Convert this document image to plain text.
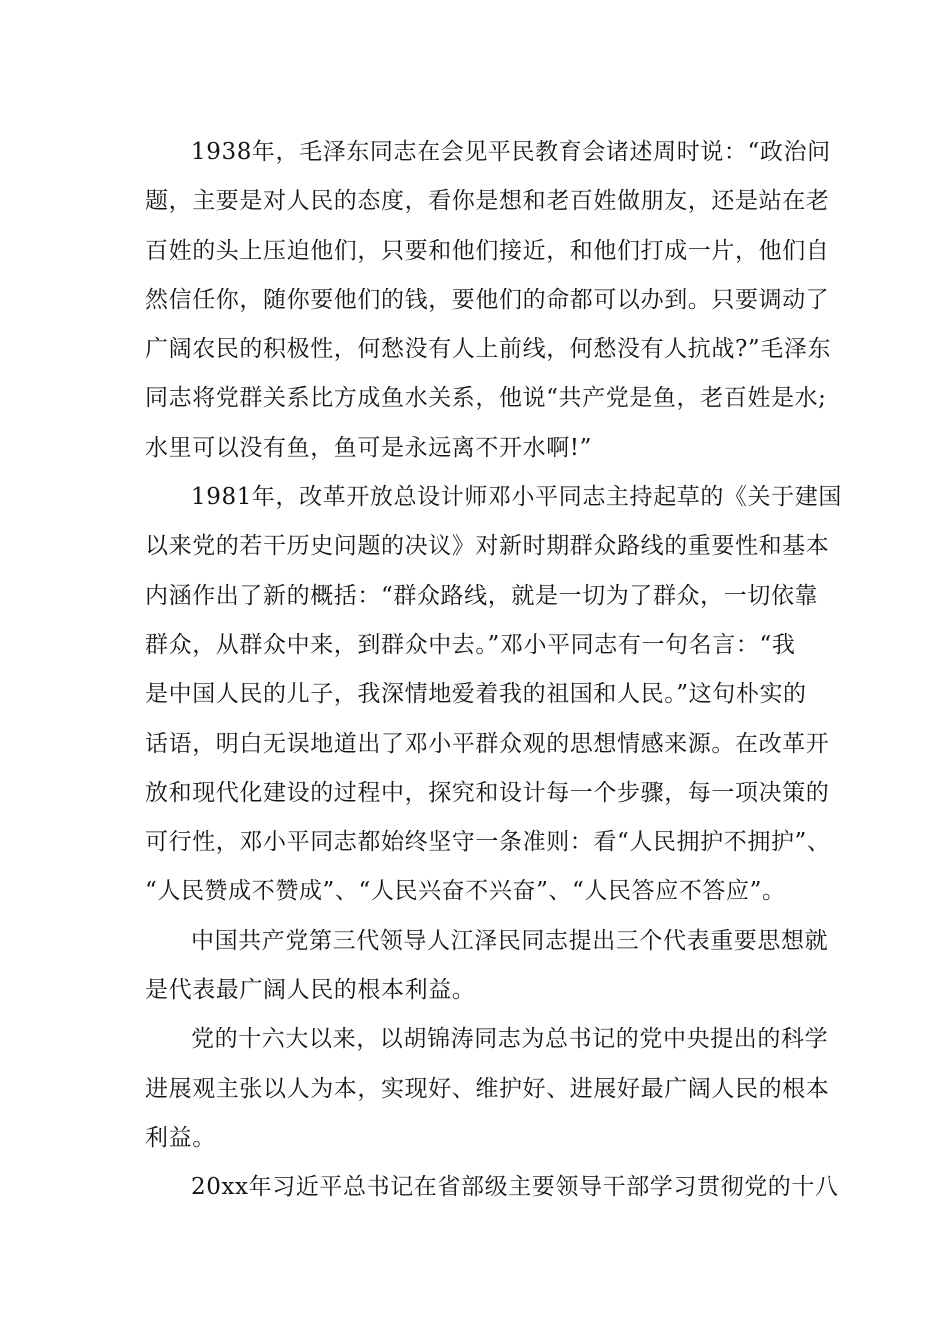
1938年，毛泽东同志在会见平民教育会诸述周时说：“政治问
题，主要是对人民的态度，看你是想和老百姓做朋友，还是站在老
百姓的头上压迫他们，只要和他们接近，和他们打成一片，他们自
然信任你，随你要他们的钱，要他们的命都可以办到。只要调动了
广阔农民的积极性，何愁没有人上前线，何愁没有人抗战?”毛泽东
同志将党群关系比方成鱼水关系，他说“共产党是鱼，老百姓是水;
水里可以没有鱼，鱼可是永远离不开水啊!”
1981年，改革开放总设计师邓小平同志主持起草的《关于建国
以来党的若干历史问题的决议》对新时期群众路线的重要性和基本
内涵作出了新的概括：“群众路线，就是一切为了群众，一切依靠
群众，从群众中来，到群众中去。”邓小平同志有一句名言：“我
是中国人民的儿子，我深情地爱着我的祖国和人民。”这句朴实的
话语，明白无误地道出了邓小平群众观的思想情感来源。在改革开
放和现代化建设的过程中，探究和设计每一个步骤，每一项决策的
可行性，邓小平同志都始终坚守一条准则：看“人民拥护不拥护”、
“人民赞成不赞成”、“人民兴奋不兴奋”、“人民答应不答应”。
中国共产党第三代领导人江泽民同志提出三个代表重要思想就
是代表最广阔人民的根本利益。
党的十六大以来，以胡锦涛同志为总书记的党中央提出的科学
进展观主张以人为本，实现好、维护好、进展好最广阔人民的根本
利益。
20xx年习近平总书记在省部级主要领导干部学习贯彻党的十八
